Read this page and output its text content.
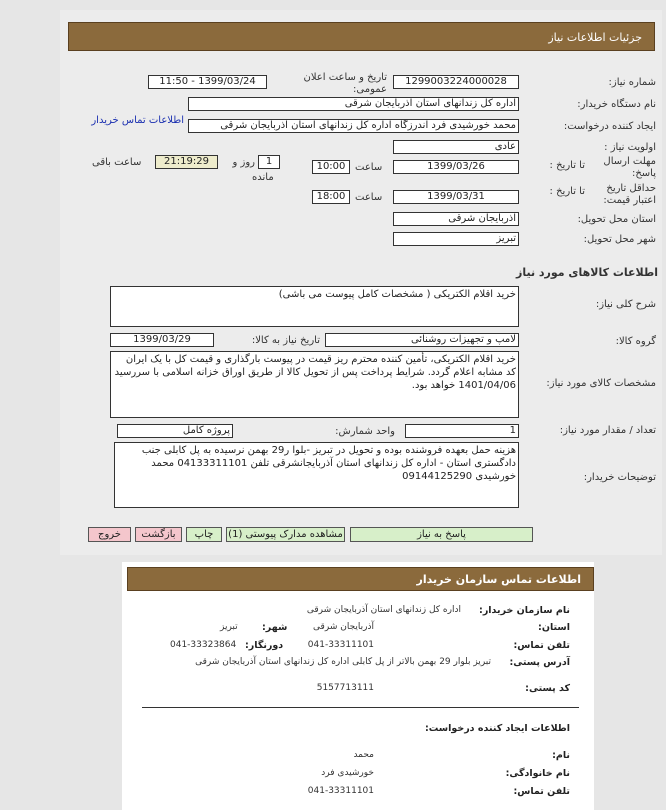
جزئیات اطلاعات نیاز
شماره نیاز:
1299003224000028
تاریخ و ساعت اعلان عمومی:
1399/03/24 - 11:50
نام دستگاه خریدار:
اداره کل زندانهای استان آذربایجان شرقی
ایجاد کننده درخواست:
محمد خورشیدی فرد اندرزگاه اداره کل زندانهای استان آذربایجان شرقی
اطلاعات تماس خریدار
اولویت نیاز :
عادی
مهلت ارسال پاسخ:
تا تاریخ :
1399/03/26
ساعت
10:00
1
روز و
مانده
21:19:29
ساعت باقی
حداقل تاریخ اعتبار قیمت:
تا تاریخ :
1399/03/31
ساعت
18:00
استان محل تحویل:
آذربایجان شرقی
شهر محل تحویل:
تبریز
اطلاعات کالاهای مورد نیاز
شرح کلی نیاز:
خرید اقلام الکتریکی ( مشخصات کامل پیوست می باشی)
گروه کالا:
لامپ و تجهیزات روشنائی
تاریخ نیاز به کالا:
1399/03/29
مشخصات کالای مورد نیاز:
خرید اقلام الکتریکی، تأمین کننده محترم ریز قیمت در پیوست بارگذاری و قیمت کل با یک ایران کد مشابه اعلام گردد. شرایط پرداخت پس از تحویل کالا از طریق اوراق خزانه اسلامی با سررسید 1401/04/06 خواهد بود.
تعداد / مقدار مورد نیاز:
1
واحد شمارش:
پروژه کامل
توضیحات خریدار:
هزینه حمل بعهده فروشنده بوده و تحویل در تبریز -بلوا ر29 بهمن نرسیده به پل کابلی جنب دادگستری استان - اداره کل زندانهای استان آذربایجانشرقی تلفن 04133311101 محمد خورشیدی 09144125290
پاسخ به نیاز
مشاهده مدارک پیوستی (1)
چاپ
بازگشت
خروج
اطلاعات تماس سازمان خریدار
نام سازمان خریدار:
اداره کل زندانهای استان آذربایجان شرقی
استان:
آذربایجان شرقی
شهر:
تبریز
تلفن تماس:
041-33311101
دورنگار:
041-33323864
آدرس پستی:
تبریز بلوار 29 بهمن بالاتر از پل کابلی اداره کل زندانهای استان آذربایجان شرقی
کد پستی:
5157713111
اطلاعات ایجاد کننده درخواست:
نام:
محمد
نام خانوادگی:
خورشیدی فرد
تلفن تماس:
041-33311101
